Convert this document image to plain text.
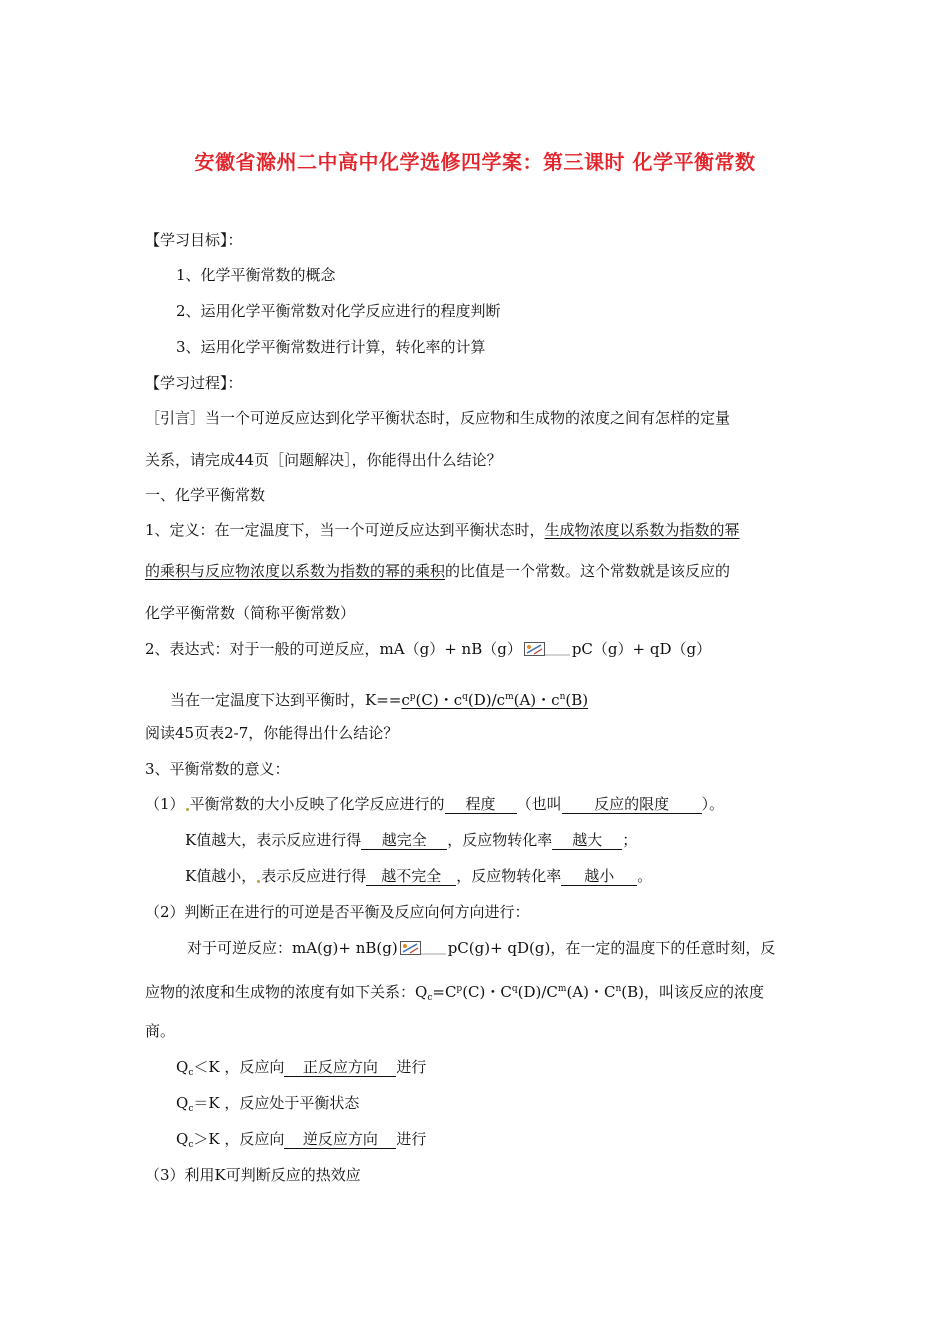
安徽省滁州二中高中化学选修四学案：第三课时 化学平衡常数
【学习目标】：
1、化学平衡常数的概念
2、运用化学平衡常数对化学反应进行的程度判断
3、运用化学平衡常数进行计算，转化率的计算
【学习过程】：
［引言］当一个可逆反应达到化学平衡状态时，反应物和生成物的浓度之间有怎样的定量
关系，请完成44页［问题解决］，你能得出什么结论？
一、化学平衡常数
1、定义：在一定温度下，当一个可逆反应达到平衡状态时，生成物浓度以系数为指数的幂
的乘积与反应物浓度以系数为指数的幂的乘积的比值是一个常数。这个常数就是该反应的
化学平衡常数（简称平衡常数）
2、表达式：对于一般的可逆反应，mA（g）+ nB（g）	pC（g）+ qD（g）
当在一定温度下达到平衡时，$K==c^p(C)$・$c^q(D)/c^m(A)$・$c^n(B)$
阅读45页表2-7，你能得出什么结论？
3、平衡常数的意义：
（1） 平衡常数的大小反映了化学反应进行的 程度 （也叫 反应的限度 ）。
K值越大，表示反应进行得 越完全 ，反应物转化率 越大 ；
K值越小， 表示反应进行得 越不完全 ，反应物转化率 越小 。
（2）判断正在进行的可逆是否平衡及反应向何方向进行：
对于可逆反应：mA(g)+ nB(g)	pC(g)+ qD(g)，在一定的温度下的任意时刻，反
应物的浓度和生成物的浓度有如下关系：$Q_c=C^p(C)$・$C^q(D)/C^m(A)$・$C^n(B)$，叫该反应的浓度
商。
$Q_c<K$ ，反应向 正反应方向 进行
$Q_c=K$ ，反应处于平衡状态
$Q_c>K$ ，反应向 逆反应方向 进行
（3）利用K可判断反应的热效应
